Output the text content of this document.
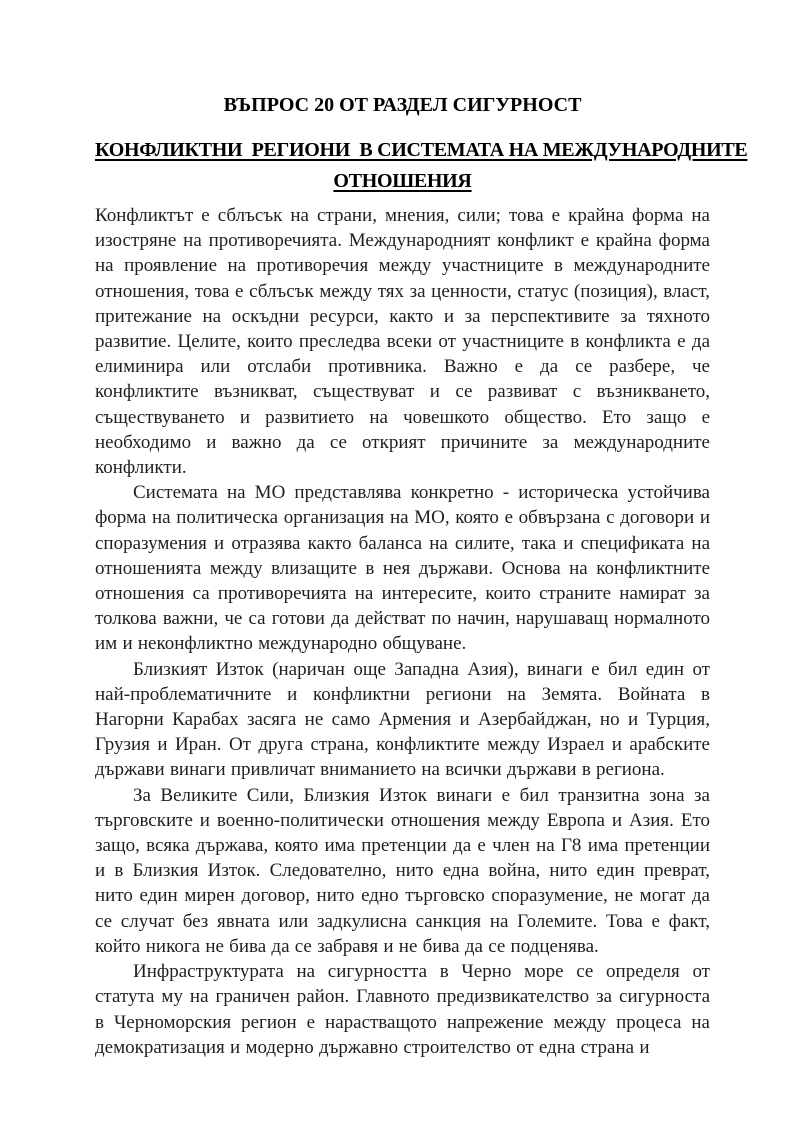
ВЪПРОС 20 ОТ РАЗДЕЛ СИГУРНОСТ
КОНФЛИКТНИ  РЕГИОНИ  В СИСТЕМАТА НА МЕЖДУНАРОДНИТЕ
ОТНОШЕНИЯ

Конфликтът е сблъсък на страни, мнения, сили; това е крайна форма на изостряне на противоречията. Международният конфликт е крайна форма на проявление на противоречия между участниците в международните отношения, това е сблъсък между тях за ценности, статус (позиция), власт, притежание на оскъдни ресурси, както и за перспективите за тяхното развитие. Целите, които преследва всеки от участниците в конфликта е да елиминира или отслаби противника. Важно е да се разбере, че конфликтите възникват, съществуват и се развиват с възникването, съществуването и развитието на човешкото общество. Ето защо е необходимо и важно да се открият причините за международните конфликти.

Системата на МО представлява конкретно - историческа устойчива форма на политическа организация на МО, която е обвързана с договори и споразумения и отразява както баланса на силите, така и спецификата на отношенията между влизащите в нея държави. Основа на конфликтните отношения са противоречията на интересите, които страните намират за толкова важни, че са готови да действат по начин, нарушаващ нормалното им и неконфликтно международно общуване.

Близкият Изток (наричан още Западна Азия), винаги е бил един от най-проблематичните и конфликтни региони на Земята. Войната в Нагорни Карабах засяга не само Армения и Азербайджан, но и Турция, Грузия и Иран. От друга страна, конфликтите между Израел и арабските държави винаги привличат вниманието на всички държави в региона.

За Великите Сили, Близкия Изток винаги е бил транзитна зона за търговските и военно-политически отношения между Европа и Азия. Ето защо, всяка държава, която има претенции да е член на Г8 има претенции и в Близкия Изток. Следователно, нито една война, нито един преврат, нито един мирен договор, нито едно търговско споразумение, не могат да се случат без явната или задкулисна санкция на Големите. Това е факт, който никога не бива да се забравя и не бива да се подценява.

Инфраструктурата на сигурността в Черно море се определя от статута му на граничен район. Главното предизвикателство за сигурноста в Черноморския регион е нарастващото напрежение между процеса на демократизация и модерно държавно строителство от една страна и
